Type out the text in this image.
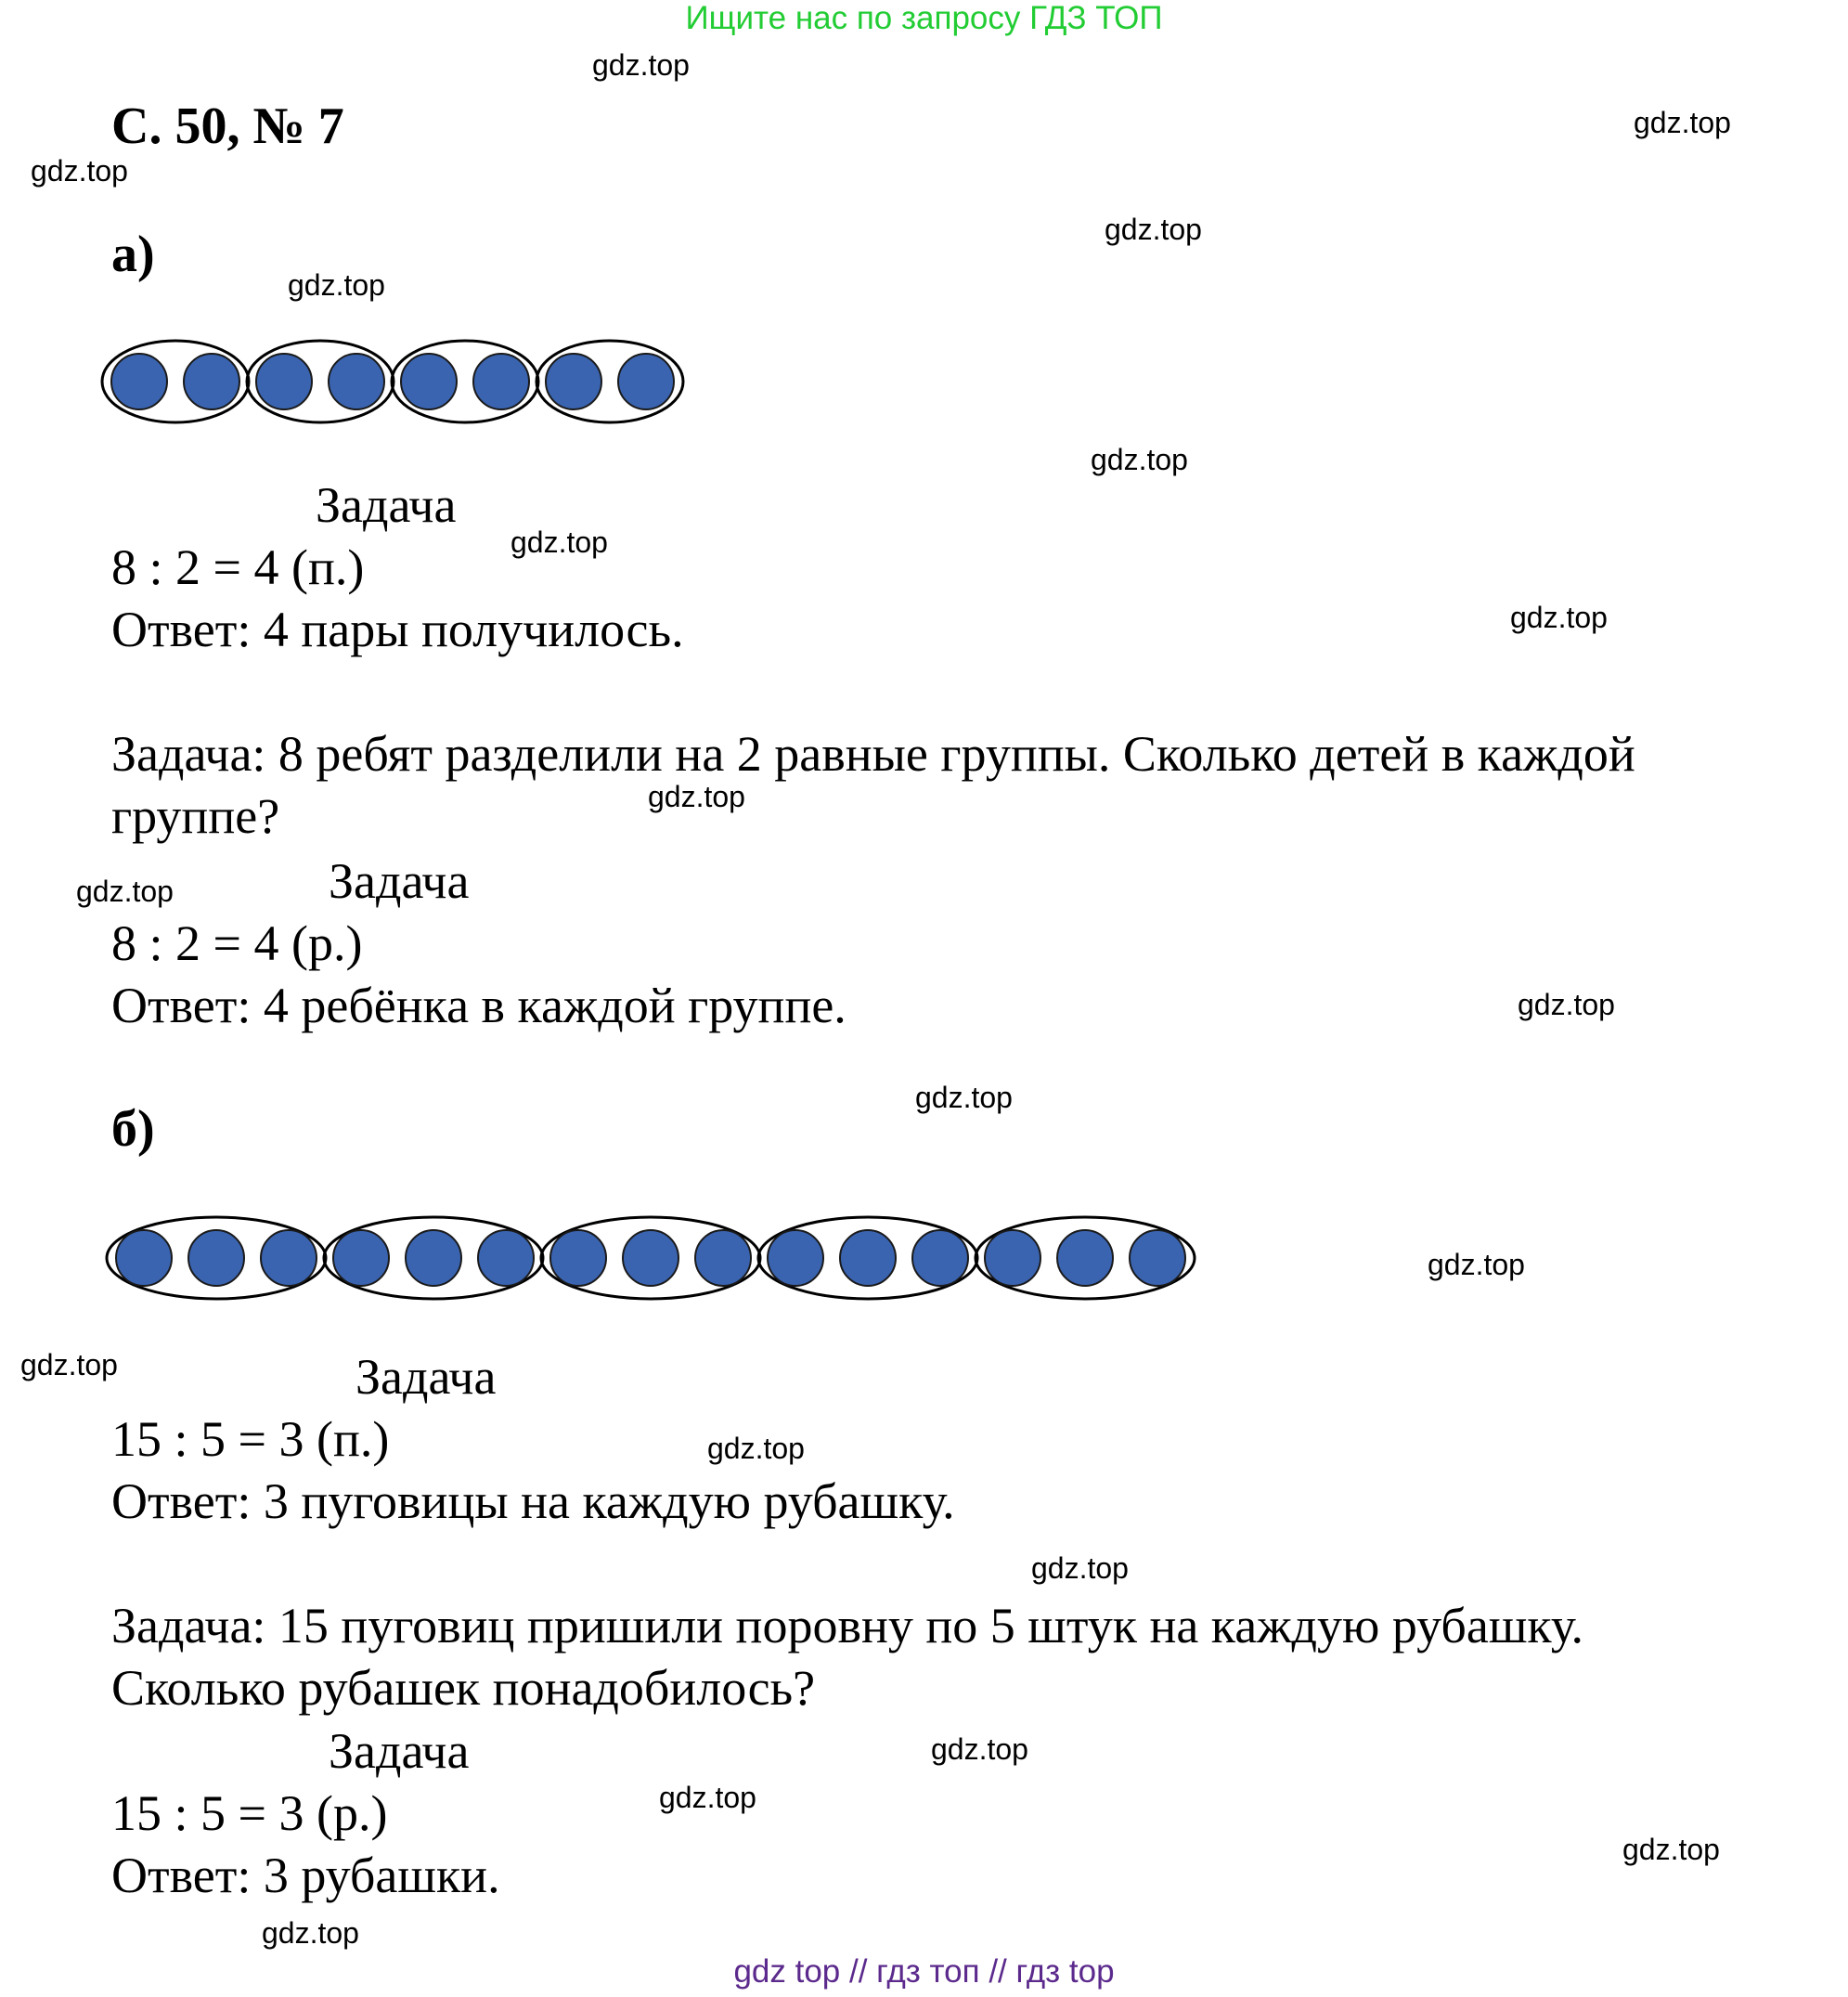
Ищите нас по запросу ГДЗ ТОП
С. 50, № 7
а)
Задача
8 : 2 = 4 (п.)
Ответ: 4 пары получилось.
Задача: 8 ребят разделили на 2 равные группы. Сколько детей в каждой
группе?
Задача
8 : 2 = 4 (р.)
Ответ: 4 ребёнка в каждой группе.
б)
Задача
15 : 5 = 3 (п.)
Ответ: 3 пуговицы на каждую рубашку.
Задача: 15 пуговиц пришили поровну по 5 штук на каждую рубашку.
Сколько рубашек понадобилось?
Задача
15 : 5 = 3 (р.)
Ответ: 3 рубашки.
gdz.top
gdz.top
gdz.top
gdz.top
gdz.top
gdz.top
gdz.top
gdz.top
gdz.top
gdz.top
gdz.top
gdz.top
gdz.top
gdz.top
gdz.top
gdz.top
gdz.top
gdz.top
gdz.top
gdz.top
gdz top // гдз топ // гдз top
